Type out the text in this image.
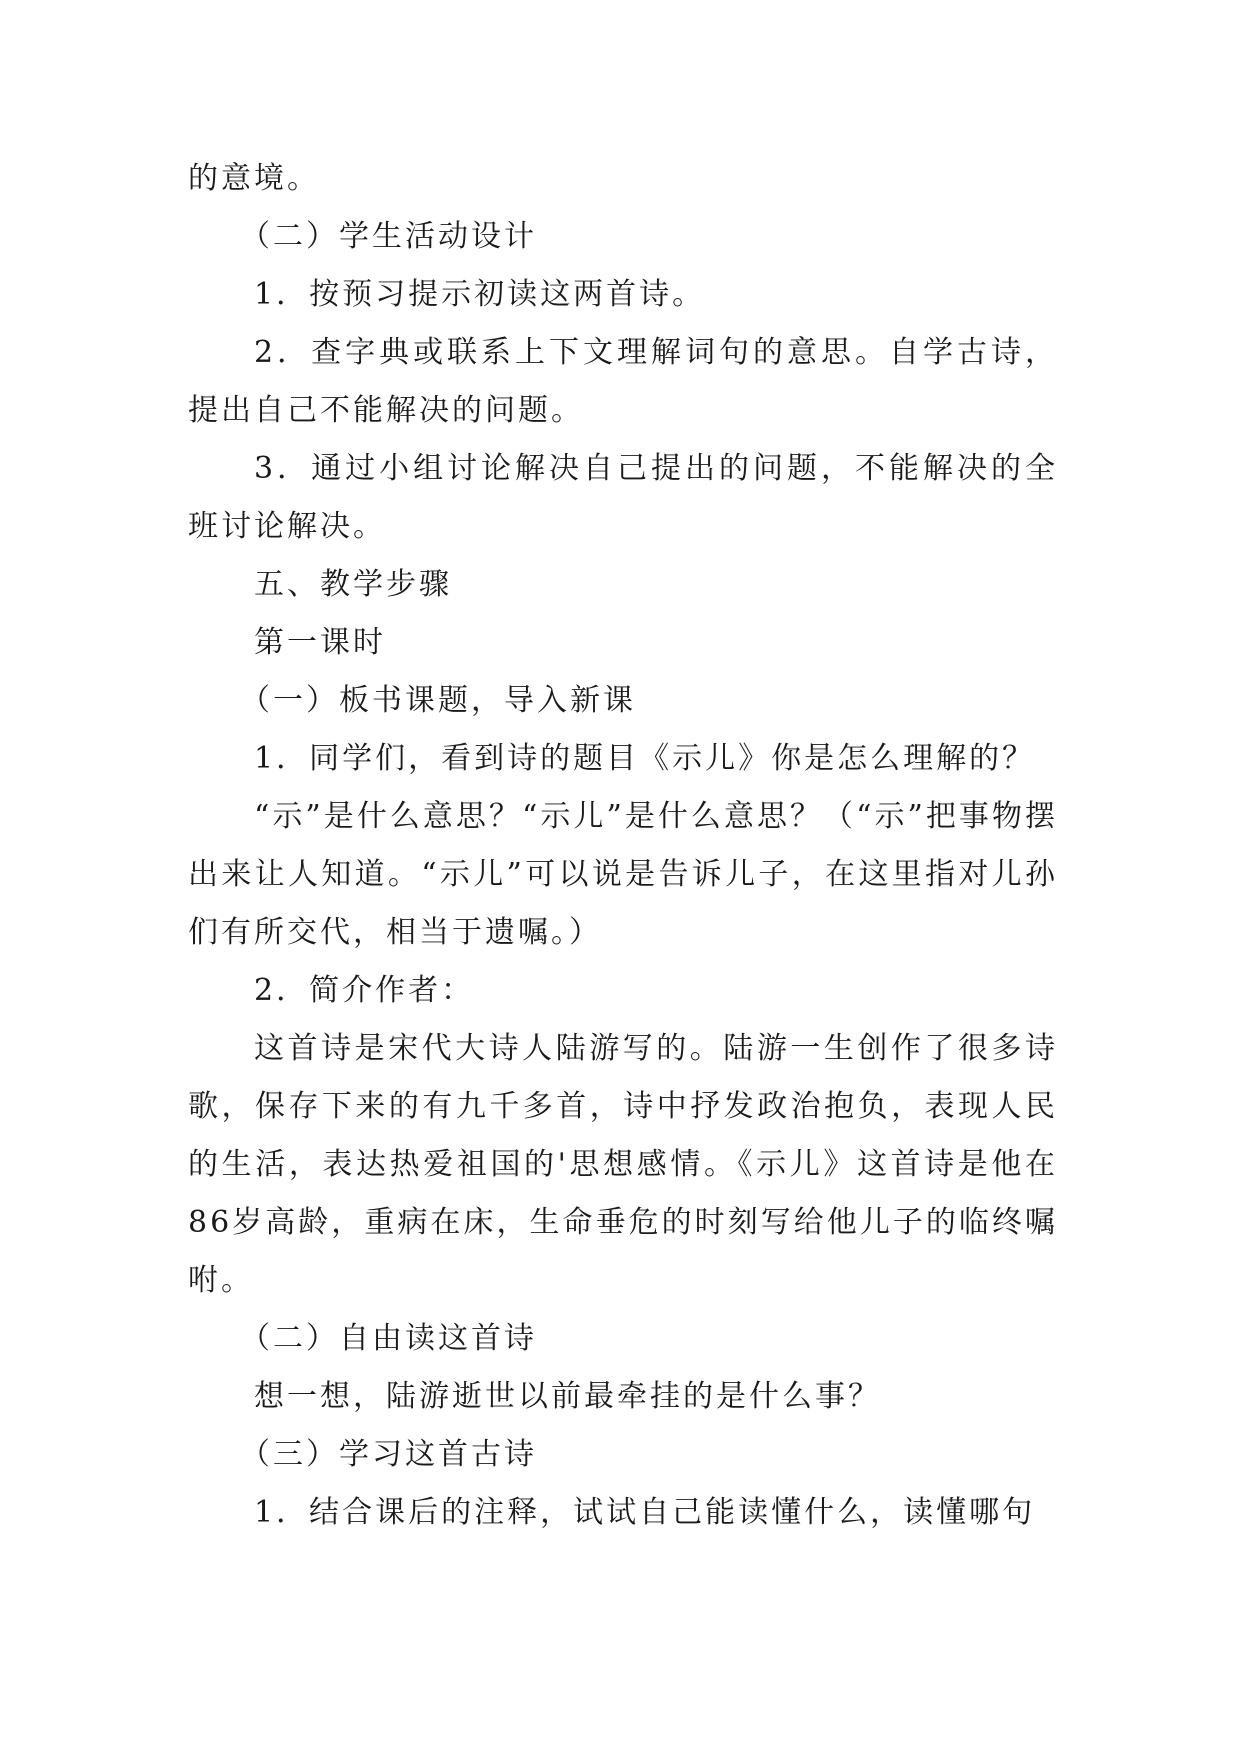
的意境。

（二）学生活动设计

1．按预习提示初读这两首诗。

2．查字典或联系上下文理解词句的意思。自学古诗，提出自己不能解决的问题。

3．通过小组讨论解决自己提出的问题，不能解决的全班讨论解决。

五、教学步骤

第一课时

（一）板书课题，导入新课

1．同学们，看到诗的题目《示儿》你是怎么理解的？

“示”是什么意思？“示儿”是什么意思？（“示”把事物摆出来让人知道。“示儿”可以说是告诉儿子，在这里指对儿孙们有所交代，相当于遗嘱。）

2．简介作者：

这首诗是宋代大诗人陆游写的。陆游一生创作了很多诗歌，保存下来的有九千多首，诗中抒发政治抱负，表现人民的生活，表达热爱祖国的'思想感情。《示儿》这首诗是他在86岁高龄，重病在床，生命垂危的时刻写给他儿子的临终嘱咐。

（二）自由读这首诗

想一想，陆游逝世以前最牵挂的是什么事？

（三）学习这首古诗

1．结合课后的注释，试试自己能读懂什么，读懂哪句
